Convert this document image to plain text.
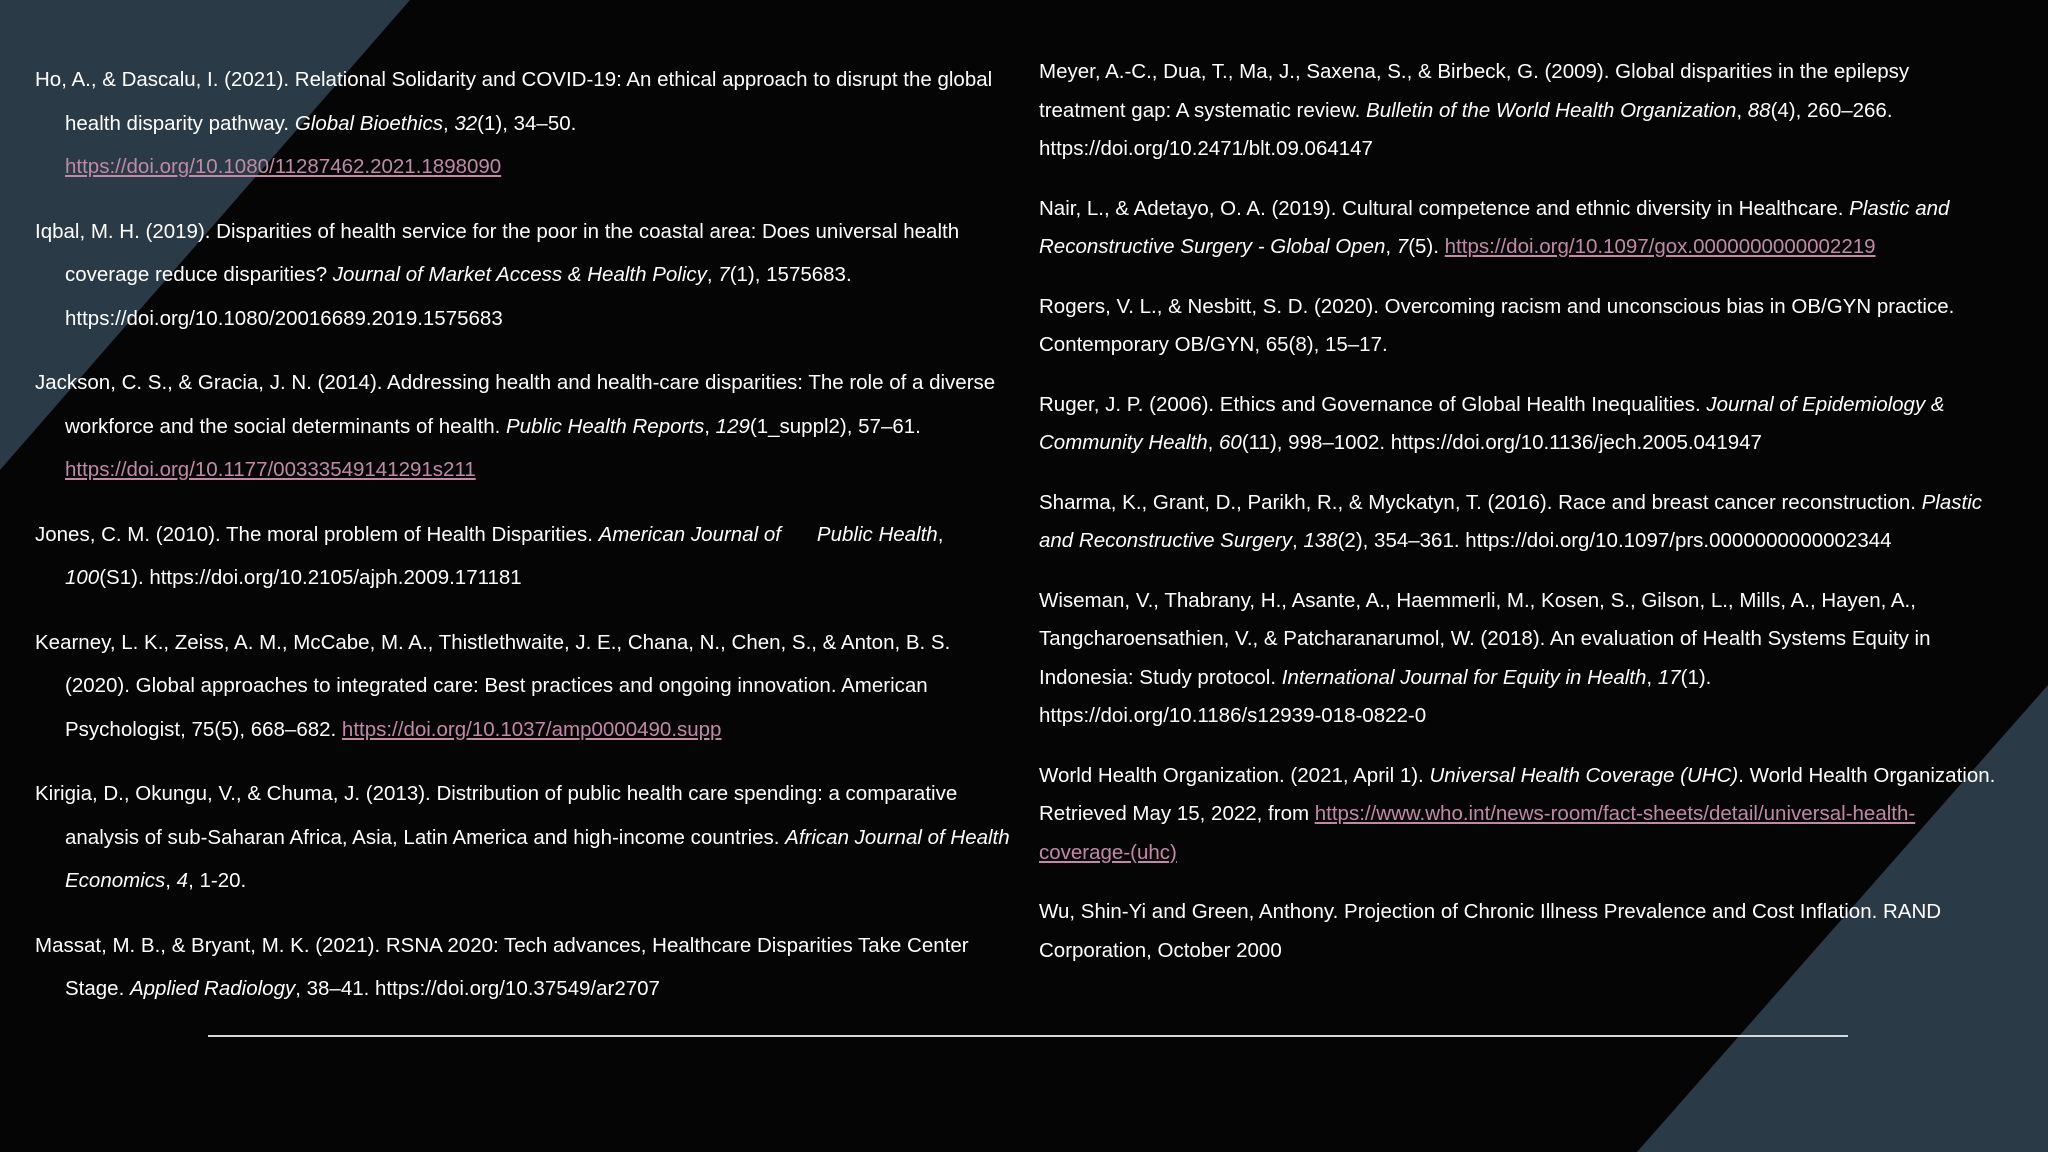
Ho, A., & Dascalu, I. (2021). Relational Solidarity and COVID-19: An ethical approach to disrupt the global health disparity pathway. Global Bioethics, 32(1), 34–50. https://doi.org/10.1080/11287462.2021.1898090

Iqbal, M. H. (2019). Disparities of health service for the poor in the coastal area: Does universal health coverage reduce disparities? Journal of Market Access & Health Policy, 7(1), 1575683. https://doi.org/10.1080/20016689.2019.1575683

Jackson, C. S., & Gracia, J. N. (2014). Addressing health and health-care disparities: The role of a diverse workforce and the social determinants of health. Public Health Reports, 129(1_suppl2), 57–61. https://doi.org/10.1177/00333549141291s211

Jones, C. M. (2010). The moral problem of Health Disparities. American Journal of Public Health, 100(S1). https://doi.org/10.2105/ajph.2009.171181

Kearney, L. K., Zeiss, A. M., McCabe, M. A., Thistlethwaite, J. E., Chana, N., Chen, S., & Anton, B. S. (2020). Global approaches to integrated care: Best practices and ongoing innovation. American Psychologist, 75(5), 668–682. https://doi.org/10.1037/amp0000490.supp

Kirigia, D., Okungu, V., & Chuma, J. (2013). Distribution of public health care spending: a comparative analysis of sub-Saharan Africa, Asia, Latin America and high-income countries. African Journal of Health Economics, 4, 1-20.

Massat, M. B., & Bryant, M. K. (2021). RSNA 2020: Tech advances, Healthcare Disparities Take Center Stage. Applied Radiology, 38–41. https://doi.org/10.37549/ar2707

Meyer, A.-C., Dua, T., Ma, J., Saxena, S., & Birbeck, G. (2009). Global disparities in the epilepsy treatment gap: A systematic review. Bulletin of the World Health Organization, 88(4), 260–266. https://doi.org/10.2471/blt.09.064147

Nair, L., & Adetayo, O. A. (2019). Cultural competence and ethnic diversity in Healthcare. Plastic and Reconstructive Surgery - Global Open, 7(5). https://doi.org/10.1097/gox.0000000000002219

Rogers, V. L., & Nesbitt, S. D. (2020). Overcoming racism and unconscious bias in OB/GYN practice. Contemporary OB/GYN, 65(8), 15–17.

Ruger, J. P. (2006). Ethics and Governance of Global Health Inequalities. Journal of Epidemiology & Community Health, 60(11), 998–1002. https://doi.org/10.1136/jech.2005.041947

Sharma, K., Grant, D., Parikh, R., & Myckatyn, T. (2016). Race and breast cancer reconstruction. Plastic and Reconstructive Surgery, 138(2), 354–361. https://doi.org/10.1097/prs.0000000000002344

Wiseman, V., Thabrany, H., Asante, A., Haemmerli, M., Kosen, S., Gilson, L., Mills, A., Hayen, A., Tangcharoensathien, V., & Patcharanarumol, W. (2018). An evaluation of Health Systems Equity in Indonesia: Study protocol. International Journal for Equity in Health, 17(1). https://doi.org/10.1186/s12939-018-0822-0

World Health Organization. (2021, April 1). Universal Health Coverage (UHC). World Health Organization. Retrieved May 15, 2022, from https://www.who.int/news-room/fact-sheets/detail/universal-health-coverage-(uhc)

Wu, Shin-Yi and Green, Anthony. Projection of Chronic Illness Prevalence and Cost Inflation. RAND Corporation, October 2000
